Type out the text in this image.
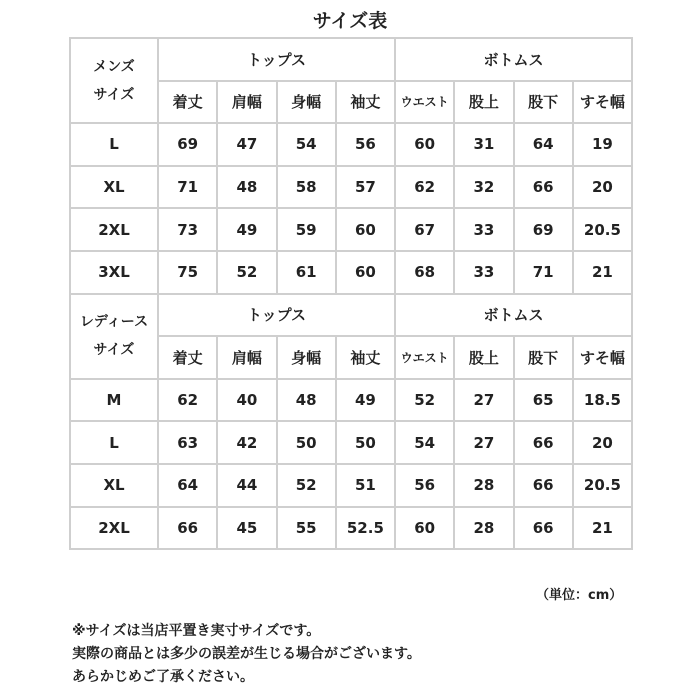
サイズ表
メンズ
サイズ	トップス				ボトムス			
	着丈	肩幅	身幅	袖丈	ウエスト	股上	股下	すそ幅
L	69	47	54	56	60	31	64	19
XL	71	48	58	57	62	32	66	20
2XL	73	49	59	60	67	33	69	20.5
3XL	75	52	61	60	68	33	71	21

レディース
サイズ	トップス				ボトムス			
	着丈	肩幅	身幅	袖丈	ウエスト	股上	股下	すそ幅
M	62	40	48	49	52	27	65	18.5
L	63	42	50	50	54	27	66	20
XL	64	44	52	51	56	28	66	20.5
2XL	66	45	55	52.5	60	28	66	21
（単位：cm）
※サイズは当店平置き実寸サイズです。
実際の商品とは多少の誤差が生じる場合がございます。
あらかじめご了承ください。
